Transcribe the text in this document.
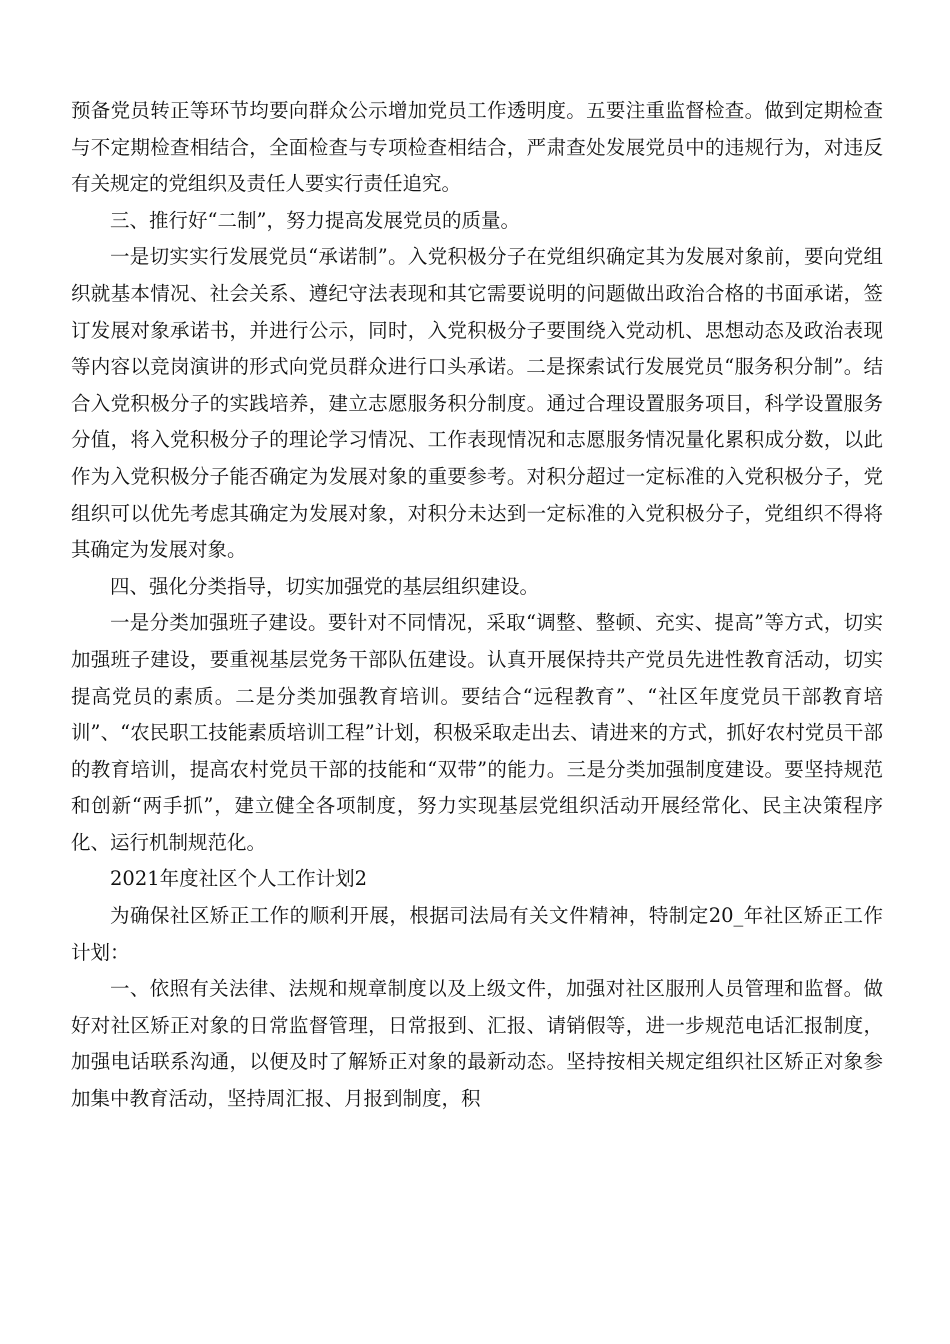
预备党员转正等环节均要向群众公示增加党员工作透明度。五要注重监督检查。做到定期检查与不定期检查相结合，全面检查与专项检查相结合，严肃查处发展党员中的违规行为，对违反有关规定的党组织及责任人要实行责任追究。

三、推行好“二制”，努力提高发展党员的质量。

一是切实实行发展党员“承诺制”。入党积极分子在党组织确定其为发展对象前，要向党组织就基本情况、社会关系、遵纪守法表现和其它需要说明的问题做出政治合格的书面承诺，签订发展对象承诺书，并进行公示，同时，入党积极分子要围绕入党动机、思想动态及政治表现等内容以竞岗演讲的形式向党员群众进行口头承诺。二是探索试行发展党员“服务积分制”。结合入党积极分子的实践培养，建立志愿服务积分制度。通过合理设置服务项目，科学设置服务分值，将入党积极分子的理论学习情况、工作表现情况和志愿服务情况量化累积成分数，以此作为入党积极分子能否确定为发展对象的重要参考。对积分超过一定标准的入党积极分子，党组织可以优先考虑其确定为发展对象，对积分未达到一定标准的入党积极分子，党组织不得将其确定为发展对象。

四、强化分类指导，切实加强党的基层组织建设。

一是分类加强班子建设。要针对不同情况，采取“调整、整顿、充实、提高”等方式，切实加强班子建设，要重视基层党务干部队伍建设。认真开展保持共产党员先进性教育活动，切实提高党员的素质。二是分类加强教育培训。要结合“远程教育”、“社区年度党员干部教育培训”、“农民职工技能素质培训工程”计划，积极采取走出去、请进来的方式，抓好农村党员干部的教育培训，提高农村党员干部的技能和“双带”的能力。三是分类加强制度建设。要坚持规范和创新“两手抓”，建立健全各项制度，努力实现基层党组织活动开展经常化、民主决策程序化、运行机制规范化。

2021年度社区个人工作计划2

为确保社区矫正工作的顺利开展，根据司法局有关文件精神，特制定20_年社区矫正工作计划：

一、依照有关法律、法规和规章制度以及上级文件，加强对社区服刑人员管理和监督。做好对社区矫正对象的日常监督管理，日常报到、汇报、请销假等，进一步规范电话汇报制度，加强电话联系沟通，以便及时了解矫正对象的最新动态。坚持按相关规定组织社区矫正对象参加集中教育活动，坚持周汇报、月报到制度，积
